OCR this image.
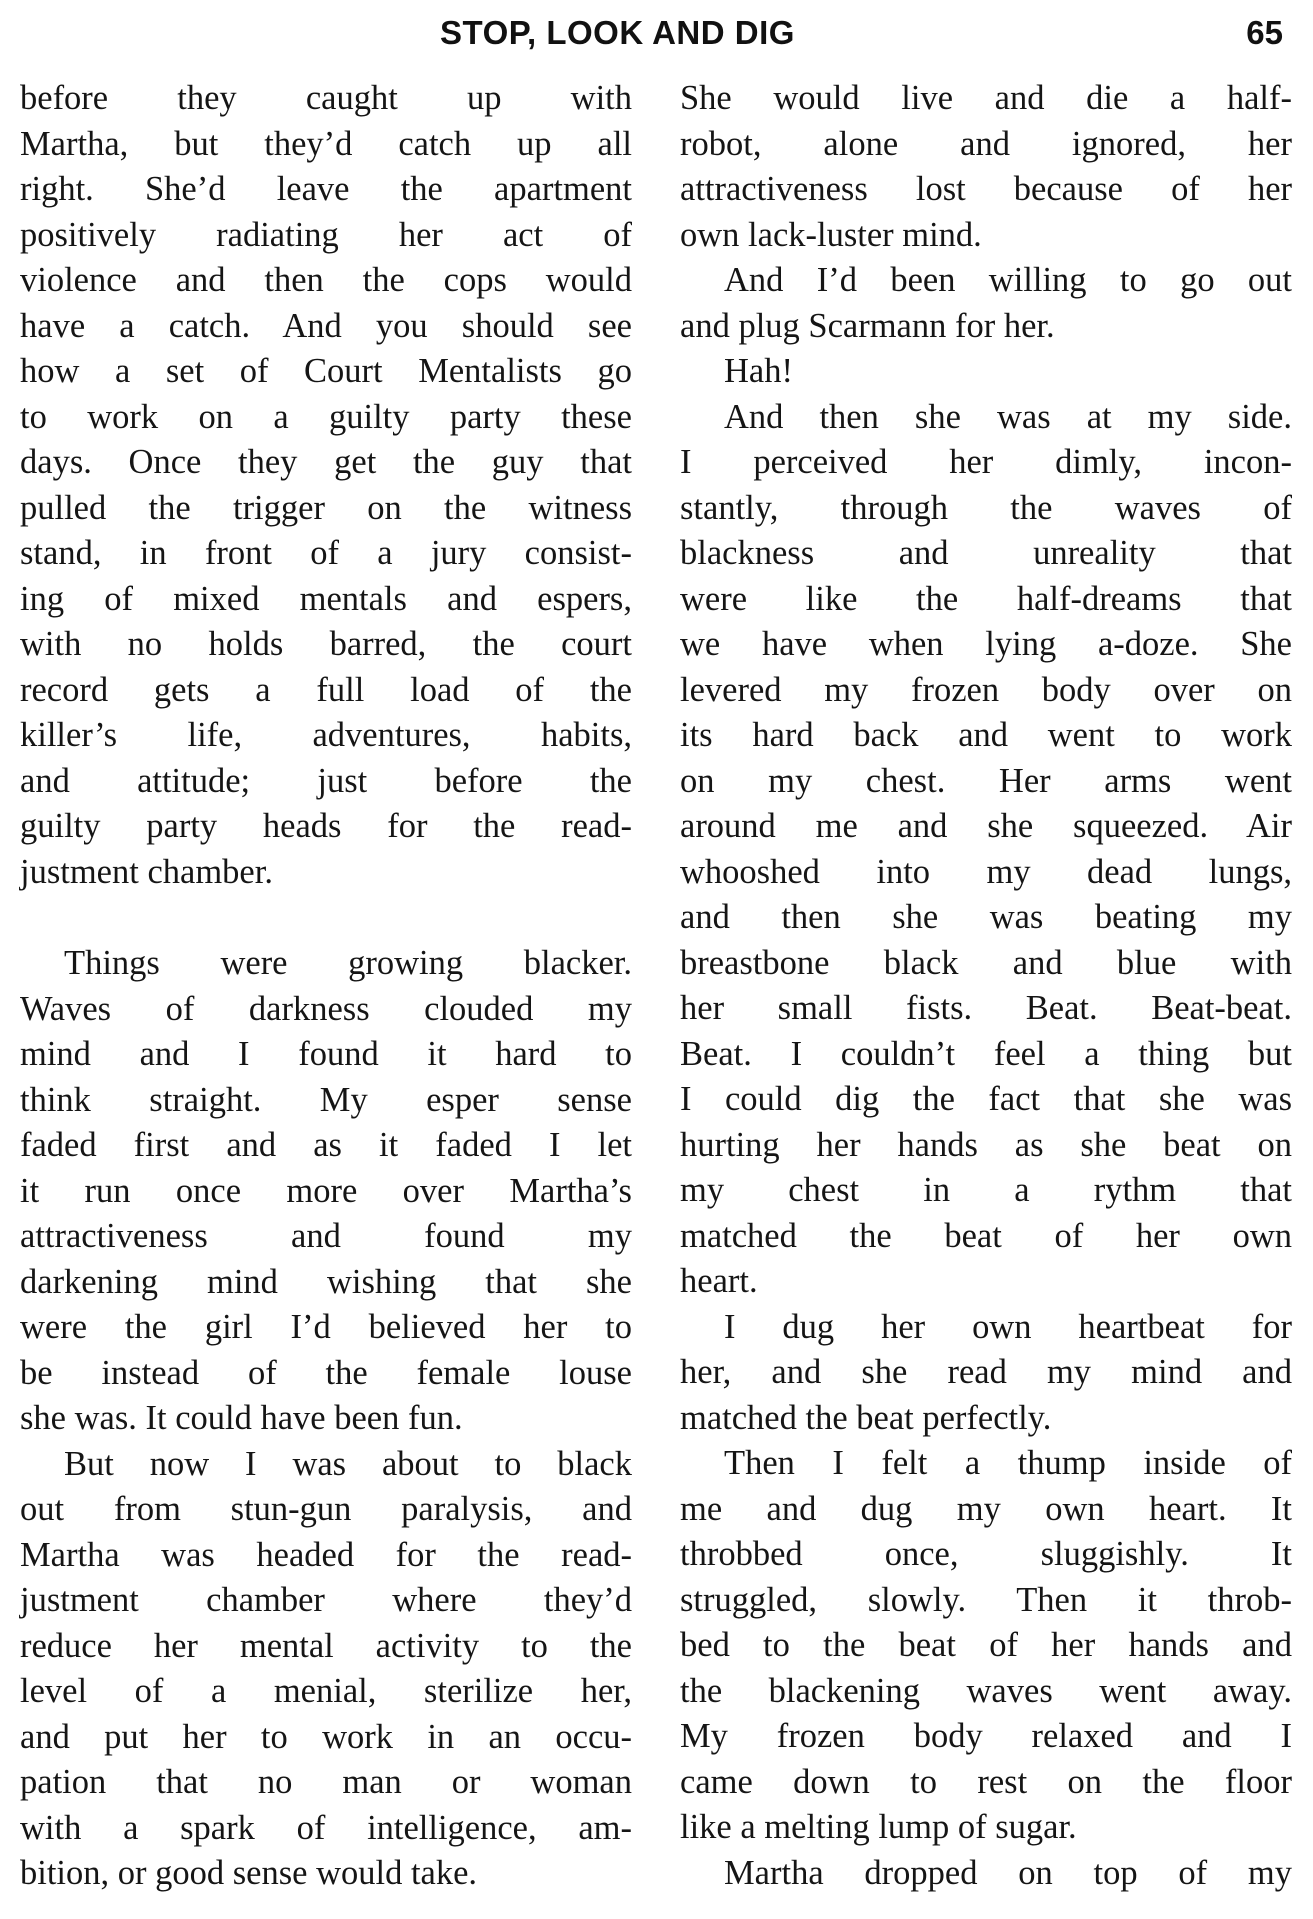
STOP, LOOK AND DIG	65
before they caught up with
Martha, but they’d catch up all
right. She’d leave the apartment
positively radiating her act of
violence and then the cops would
have a catch. And you should see
how a set of Court Mentalists go
to work on a guilty party these
days. Once they get the guy that
pulled the trigger on the witness
stand, in front of a jury consist-
ing of mixed mentals and espers,
with no holds barred, the court
record gets a full load of the
killer’s life, adventures, habits,
and attitude; just before the
guilty party heads for the read-
justment chamber.
Things were growing blacker.
Waves of darkness clouded my
mind and I found it hard to
think straight. My esper sense
faded first and as it faded I let
it run once more over Martha’s
attractiveness and found my
darkening mind wishing that she
were the girl I’d believed her to
be instead of the female louse
she was. It could have been fun.
But now I was about to black
out from stun-gun paralysis, and
Martha was headed for the read-
justment chamber where they’d
reduce her mental activity to the
level of a menial, sterilize her,
and put her to work in an occu-
pation that no man or woman
with a spark of intelligence, am-
bition, or good sense would take.
She would live and die a half-
robot, alone and ignored, her
attractiveness lost because of her
own lack-luster mind.
And I’d been willing to go out
and plug Scarmann for her.
Hah!
And then she was at my side.
I perceived her dimly, incon-
stantly, through the waves of
blackness and unreality that
were like the half-dreams that
we have when lying a-doze. She
levered my frozen body over on
its hard back and went to work
on my chest. Her arms went
around me and she squeezed. Air
whooshed into my dead lungs,
and then she was beating my
breastbone black and blue with
her small fists. Beat. Beat-beat.
Beat. I couldn’t feel a thing but
I could dig the fact that she was
hurting her hands as she beat on
my chest in a rythm that
matched the beat of her own
heart.
I dug her own heartbeat for
her, and she read my mind and
matched the beat perfectly.
Then I felt a thump inside of
me and dug my own heart. It
throbbed once, sluggishly. It
struggled, slowly. Then it throb-
bed to the beat of her hands and
the blackening waves went away.
My frozen body relaxed and I
came down to rest on the floor
like a melting lump of sugar.
Martha dropped on top of my
